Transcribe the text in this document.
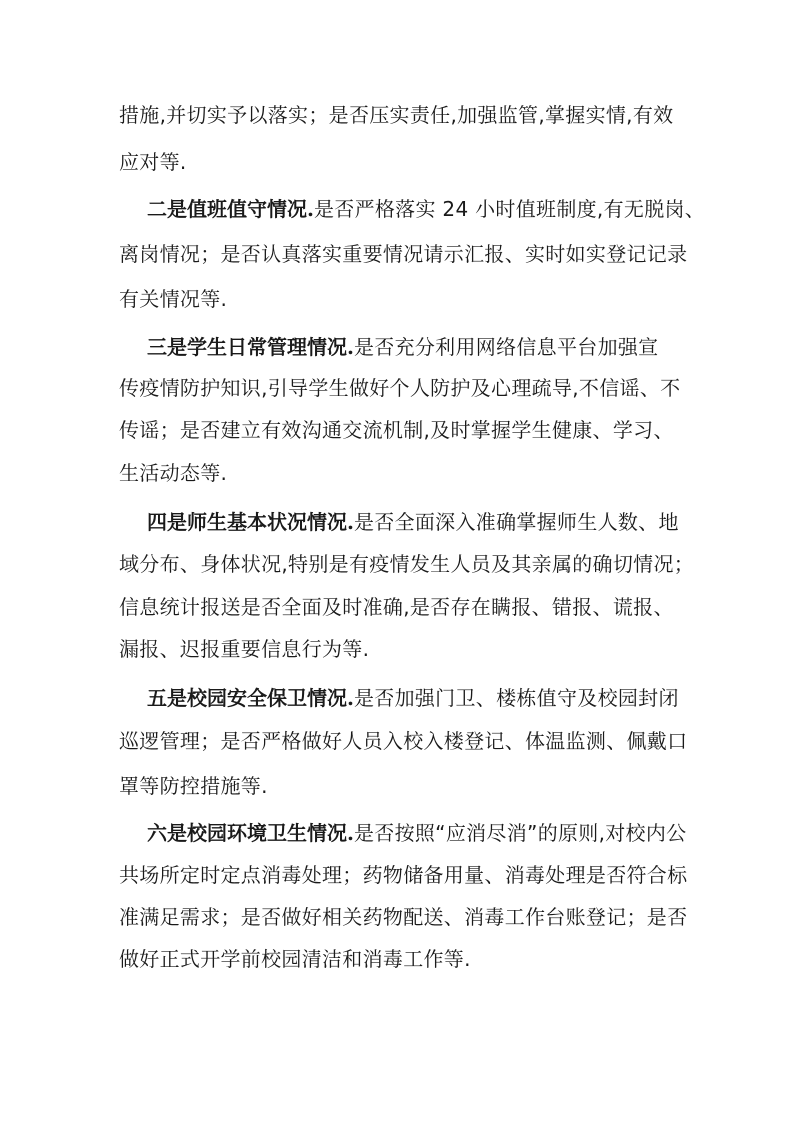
措施,并切实予以落实；是否压实责任,加强监管,掌握实情,有效
应对等.
二是值班值守情况.是否严格落实 24 小时值班制度,有无脱岗、
离岗情况；是否认真落实重要情况请示汇报、实时如实登记记录
有关情况等.
三是学生日常管理情况.是否充分利用网络信息平台加强宣
传疫情防护知识,引导学生做好个人防护及心理疏导,不信谣、不
传谣；是否建立有效沟通交流机制,及时掌握学生健康、学习、
生活动态等.
四是师生基本状况情况.是否全面深入准确掌握师生人数、地
域分布、身体状况,特别是有疫情发生人员及其亲属的确切情况；
信息统计报送是否全面及时准确,是否存在瞒报、错报、谎报、
漏报、迟报重要信息行为等.
五是校园安全保卫情况.是否加强门卫、楼栋值守及校园封闭
巡逻管理；是否严格做好人员入校入楼登记、体温监测、佩戴口
罩等防控措施等.
六是校园环境卫生情况.是否按照“应消尽消”的原则,对校内公
共场所定时定点消毒处理；药物储备用量、消毒处理是否符合标
准满足需求；是否做好相关药物配送、消毒工作台账登记；是否
做好正式开学前校园清洁和消毒工作等.
